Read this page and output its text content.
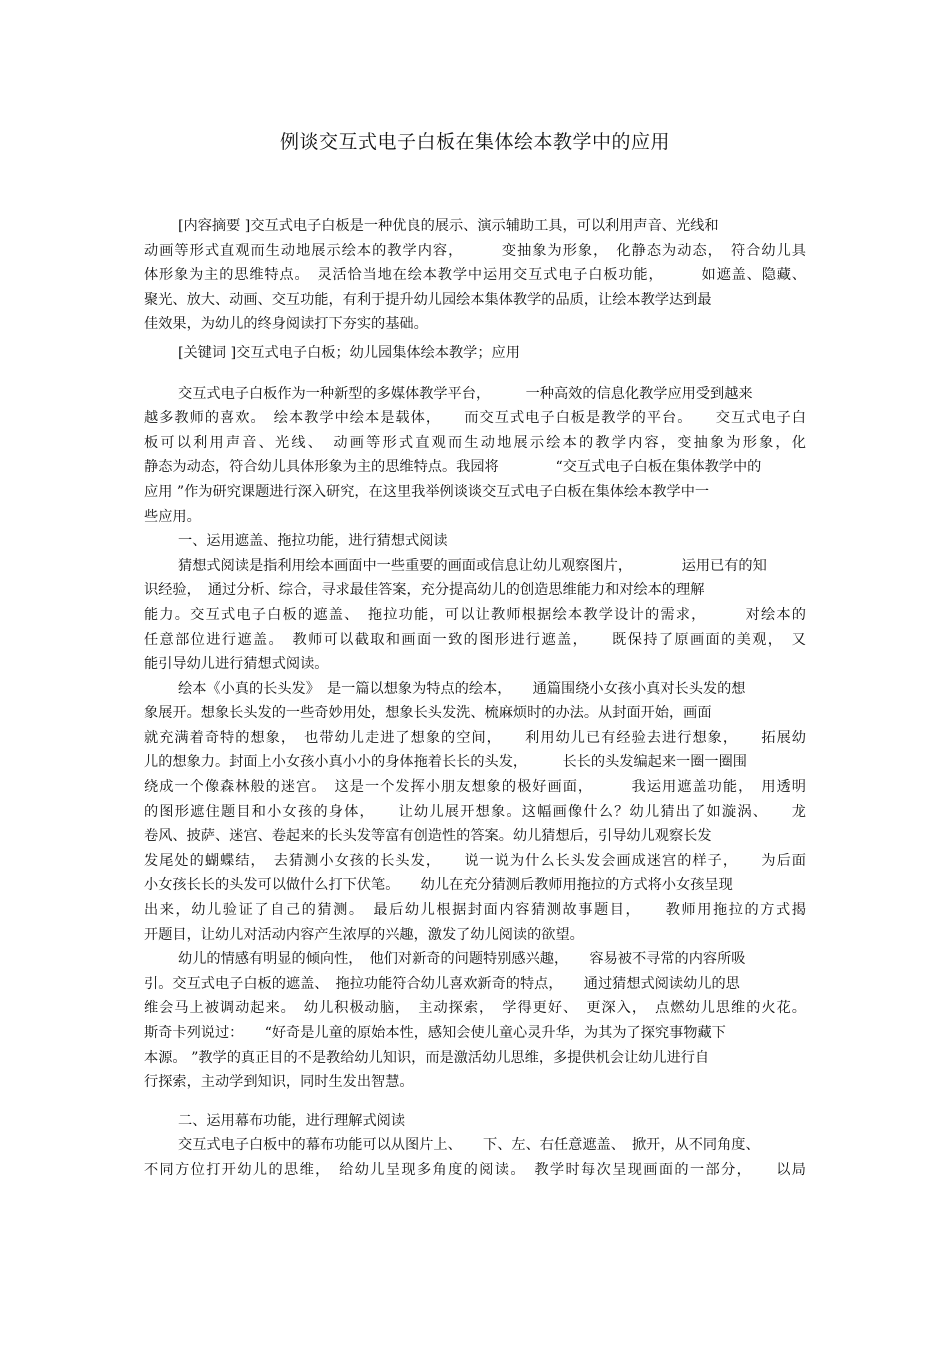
例谈交互式电子白板在集体绘本教学中的应用
[内容摘要 ]交互式电子白板是一种优良的展示、演示辅助工具，可以利用声音、光线和
动画等形式直观而生动地展示绘本的教学内容，　　　变抽象为形象，　化静态为动态，　符合幼儿具
体形象为主的思维特点。　灵活恰当地在绘本教学中运用交互式电子白板功能，　　　如遮盖、隐藏、
聚光、放大、动画、交互功能，有利于提升幼儿园绘本集体教学的品质，让绘本教学达到最
佳效果，为幼儿的终身阅读打下夯实的基础。
[关键词 ]交互式电子白板；幼儿园集体绘本教学；应用
交互式电子白板作为一种新型的多媒体教学平台，　　　一种高效的信息化教学应用受到越来
越多教师的喜欢。　绘本教学中绘本是载体，　　而交互式电子白板是教学的平台。　　交互式电子白
板可以利用声音、光线、　动画等形式直观而生动地展示绘本的教学内容，变抽象为形象，化
静态为动态，符合幼儿具体形象为主的思维特点。我园将　　　　“交互式电子白板在集体教学中的
应用 ”作为研究课题进行深入研究，在这里我举例谈谈交互式电子白板在集体绘本教学中一
些应用。
一、运用遮盖、拖拉功能，进行猜想式阅读
猜想式阅读是指利用绘本画面中一些重要的画面或信息让幼儿观察图片，　　　　运用已有的知
识经验，　通过分析、综合，寻求最佳答案，充分提高幼儿的创造思维能力和对绘本的理解
能力。交互式电子白板的遮盖、　拖拉功能，可以让教师根据绘本教学设计的需求，　　　对绘本的
任意部位进行遮盖。　教师可以截取和画面一致的图形进行遮盖，　　既保持了原画面的美观，　又
能引导幼儿进行猜想式阅读。
绘本《小真的长头发》　是一篇以想象为特点的绘本，　　通篇围绕小女孩小真对长头发的想
象展开。想象长头发的一些奇妙用处，想象长头发洗、梳麻烦时的办法。从封面开始，画面
就充满着奇特的想象，　也带幼儿走进了想象的空间，　　利用幼儿已有经验去进行想象，　　拓展幼
儿的想象力。封面上小女孩小真小小的身体拖着长长的头发，　　　长长的头发编起来一圈一圈围
绕成一个像森林般的迷宫。　这是一个发挥小朋友想象的极好画面，　　　我运用遮盖功能，　用透明
的图形遮住题目和小女孩的身体，　　让幼儿展开想象。这幅画像什么？幼儿猜出了如漩涡、　　龙
卷风、披萨、迷宫、卷起来的长头发等富有创造性的答案。幼儿猜想后，引导幼儿观察长发
发尾处的蝴蝶结，　去猜测小女孩的长头发，　　说一说为什么长头发会画成迷宫的样子，　　为后面
小女孩长长的头发可以做什么打下伏笔。　　幼儿在充分猜测后教师用拖拉的方式将小女孩呈现
出来，幼儿验证了自己的猜测。　最后幼儿根据封面内容猜测故事题目，　　教师用拖拉的方式揭
开题目，让幼儿对活动内容产生浓厚的兴趣，激发了幼儿阅读的欲望。
幼儿的情感有明显的倾向性，　他们对新奇的问题特别感兴趣，　　容易被不寻常的内容所吸
引。交互式电子白板的遮盖、　拖拉功能符合幼儿喜欢新奇的特点，　　通过猜想式阅读幼儿的思
维会马上被调动起来。　幼儿积极动脑，　主动探索，　学得更好、　更深入，　点燃幼儿思维的火花。
斯奇卡列说过：　　“好奇是儿童的原始本性，感知会使儿童心灵升华，为其为了探究事物藏下
本源。 ”教学的真正目的不是教给幼儿知识，而是激活幼儿思维，多提供机会让幼儿进行自
行探索，主动学到知识，同时生发出智慧。
二、运用幕布功能，进行理解式阅读
交互式电子白板中的幕布功能可以从图片上、　　下、左、右任意遮盖、　掀开，从不同角度、
不同方位打开幼儿的思维，　给幼儿呈现多角度的阅读。　教学时每次呈现画面的一部分，　　以局
